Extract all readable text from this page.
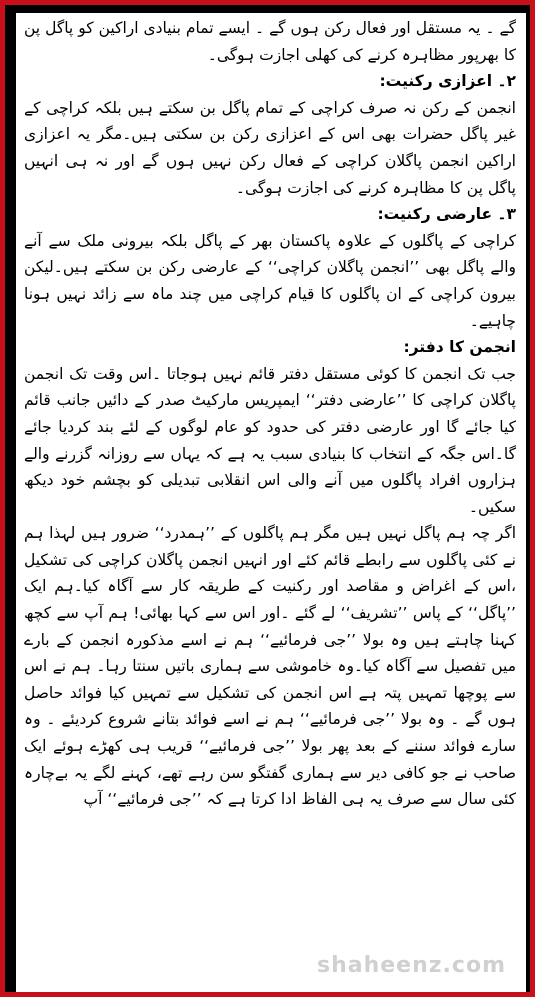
گے ۔ یہ مستقل اور فعال رکن ہوں گے ۔ ایسے تمام بنیادی اراکین کو پاگل پن کا بھرپور مظاہرہ کرنے کی کھلی اجازت ہوگی۔

۲۔ اعزازی رکنیت:

انجمن کے رکن نہ صرف کراچی کے تمام پاگل بن سکتے ہیں بلکہ کراچی کے غیر پاگل حضرات بھی اس کے اعزازی رکن بن سکتی ہیں۔مگر یہ اعزازی اراکین انجمن پاگلان کراچی کے فعال رکن نہیں ہوں گے اور نہ ہی انہیں پاگل پن کا مظاہرہ کرنے کی اجازت ہوگی۔

۳۔ عارضی رکنیت:

کراچی کے پاگلوں کے علاوہ پاکستان بھر کے پاگل بلکہ بیرونی ملک سے آنے والے پاگل بھی ’’انجمن پاگلان کراچی‘‘ کے عارضی رکن بن سکتے ہیں۔لیکن بیرون کراچی کے ان پاگلوں کا قیام کراچی میں چند ماہ سے زائد نہیں ہونا چاہیے۔

انجمن کا دفتر:

جب تک انجمن کا کوئی مستقل دفتر قائم نہیں ہوجاتا ۔اس وقت تک انجمن پاگلان کراچی کا ’’عارضی دفتر‘‘ ایمپریس مارکیٹ صدر کے دائیں جانب قائم کیا جائے گا اور عارضی دفتر کی حدود کو عام لوگوں کے لئے بند کردیا جائے گا۔اس جگہ کے انتخاب کا بنیادی سبب یہ ہے کہ یہاں سے روزانہ گزرنے والے ہزاروں افراد پاگلوں میں آنے والی اس انقلابی تبدیلی کو بچشم خود دیکھ سکیں۔

اگر چہ ہم پاگل نہیں ہیں مگر ہم پاگلوں کے ’’ہمدرد‘‘ ضرور ہیں لہذا ہم نے کئی پاگلوں سے رابطے قائم کئے اور انہیں انجمن پاگلان کراچی کی تشکیل ،اس کے اغراض و مقاصد اور رکنیت کے طریقہ کار سے آگاہ کیا۔ہم ایک ’’پاگل‘‘ کے پاس ’’تشریف‘‘ لے گئے ۔اور اس سے کہا بھائی! ہم آپ سے کچھ کہنا چاہتے ہیں وہ بولا ’’جی فرمائیے‘‘ ہم نے اسے مذکورہ انجمن کے بارے میں تفصیل سے آگاہ کیا۔وہ خاموشی سے ہماری باتیں سنتا رہا۔ ہم نے اس سے پوچھا تمہیں پتہ ہے اس انجمن کی تشکیل سے تمہیں کیا فوائد حاصل ہوں گے ۔ وہ بولا ’’جی فرمائیے‘‘ ہم نے اسے فوائد بتانے شروع کردیئے ۔ وہ سارے فوائد سننے کے بعد پھر بولا ’’جی فرمائیے‘‘ قریب ہی کھڑے ہوئے ایک صاحب نے جو کافی دیر سے ہماری گفتگو سن رہے تھے، کہنے لگے یہ بےچارہ کئی سال سے صرف یہ ہی الفاظ ادا کرتا ہے کہ ’’جی فرمائیے‘‘ آپ

shaheenz.com
